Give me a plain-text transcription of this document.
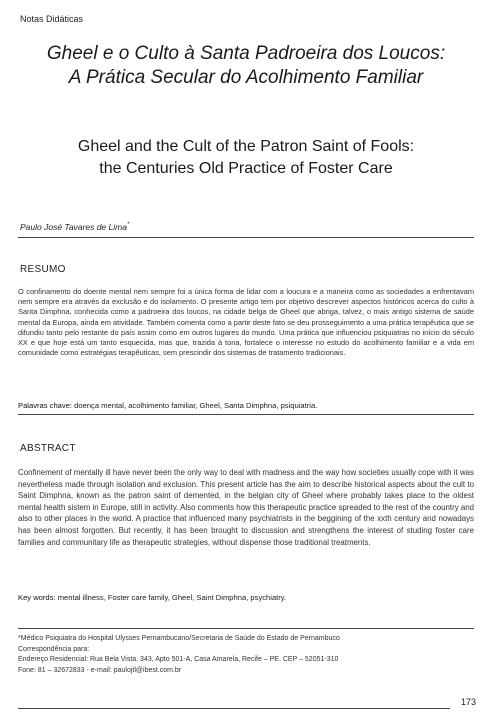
Notas Didáticas
Gheel e o Culto à Santa Padroeira dos Loucos:
A Prática Secular do Acolhimento Familiar
Gheel and the Cult of the Patron Saint of Fools:
the Centuries Old Practice of Foster Care
Paulo José Tavares de Lima*
RESUMO
O confinamento do doente mental nem sempre foi a única forma de lidar com a loucura e a maneira como as sociedades a enfrentavam nem sempre era através da exclusão e do isolamento. O presente artigo tem por objetivo descrever aspectos históricos acerca do culto à Santa Dimphna, conhecida como a padroeira dos loucos, na cidade belga de Gheel que abriga, talvez, o mais antigo sistema de saúde mental da Europa, ainda em atividade. Também comenta como a partir deste fato se deu prosseguimento a uma prática terapêutica que se difundiu tanto pelo restante do país assim como em outros lugares do mundo. Uma prática que influenciou psiquiatras no início do século XX e que hoje está um tanto esquecida, mas que, trazida à tona, fortalece o interesse no estudo do acolhimento familiar e a vida em comunidade como estratégias terapêuticas, sem prescindir dos sistemas de tratamento tradicionais.
Palavras chave: doença mental, acolhimento familiar, Gheel, Santa Dimphna, psiquiatria.
ABSTRACT
Confinement of mentally ill have never been the only way to deal with madness and the way how societies usually cope with it was nevertheless made through isolation and exclusion. This present article has the aim to describe historical aspects about the cult to Saint Dimphna, known as the patron saint of demented, in the belgian city of Gheel where probably takes place to the oldest mental health sistem in Europe, still in activity. Also comments how this therapeutic practice spreaded to the rest of the country and also to other places in the world. A practice that influenced many psychiatrists in the beggining of the xxth century and nowadays has been almost forgotten. But recently, it has been brought to discussion and strengthens the interest of studing foster care families and communitary life as therapeutic strategies, without dispense those traditional treatments.
Key words: mental illness, Foster care family, Gheel, Saint Dimphna, psychiatry.
*Médico Psiquiatra do Hospital Ulysses Pernambucano/Secretaria de Saúde do Estado de Pernambuco
Correspondência para:
Endereço Residencial: Rua Bela Vista, 343, Apto 501-A, Casa Amarela, Recife – PE. CEP – 52051-310
Fone: 81 – 32672833 - e-mail: paulojtl@ibest.com.br
173
